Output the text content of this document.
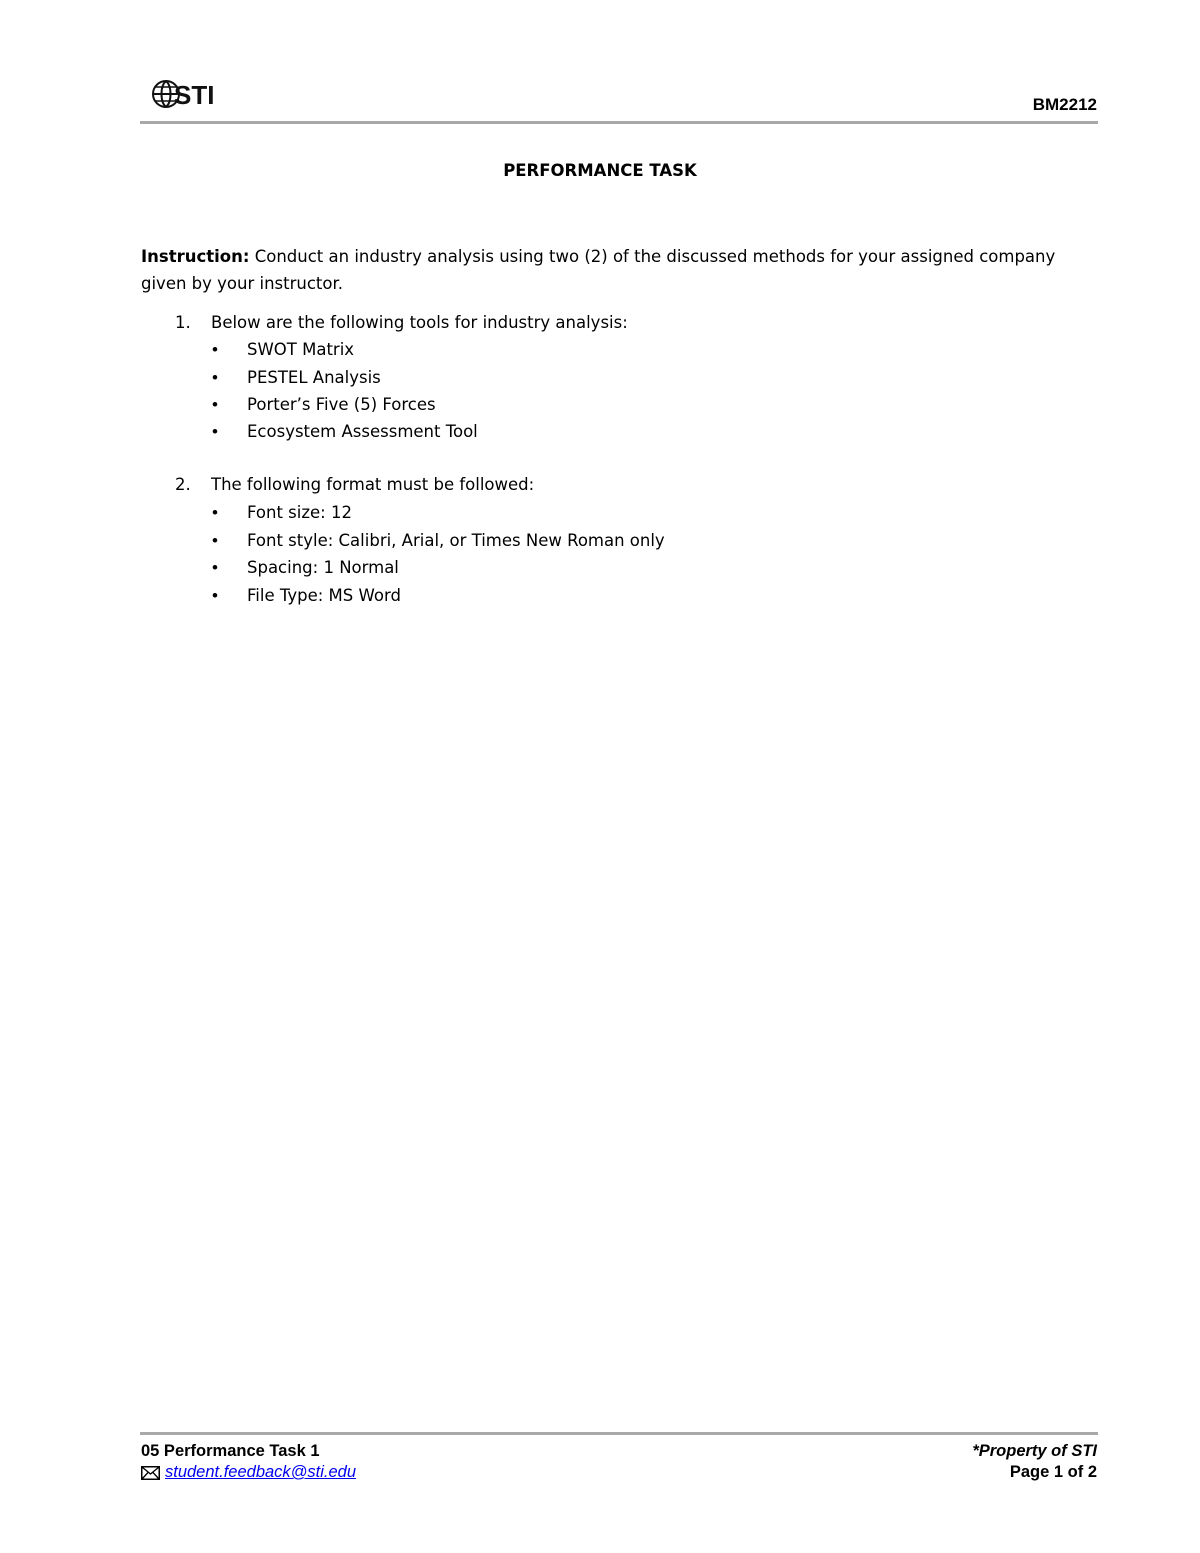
STI	BM2212
PERFORMANCE TASK
Instruction: Conduct an industry analysis using two (2) of the discussed methods for your assigned company given by your instructor.
1. Below are the following tools for industry analysis:
• SWOT Matrix
• PESTEL Analysis
• Porter’s Five (5) Forces
• Ecosystem Assessment Tool
2. The following format must be followed:
• Font size: 12
• Font style: Calibri, Arial, or Times New Roman only
• Spacing: 1 Normal
• File Type: MS Word
05 Performance Task 1
student.feedback@sti.edu
*Property of STI
Page 1 of 2
